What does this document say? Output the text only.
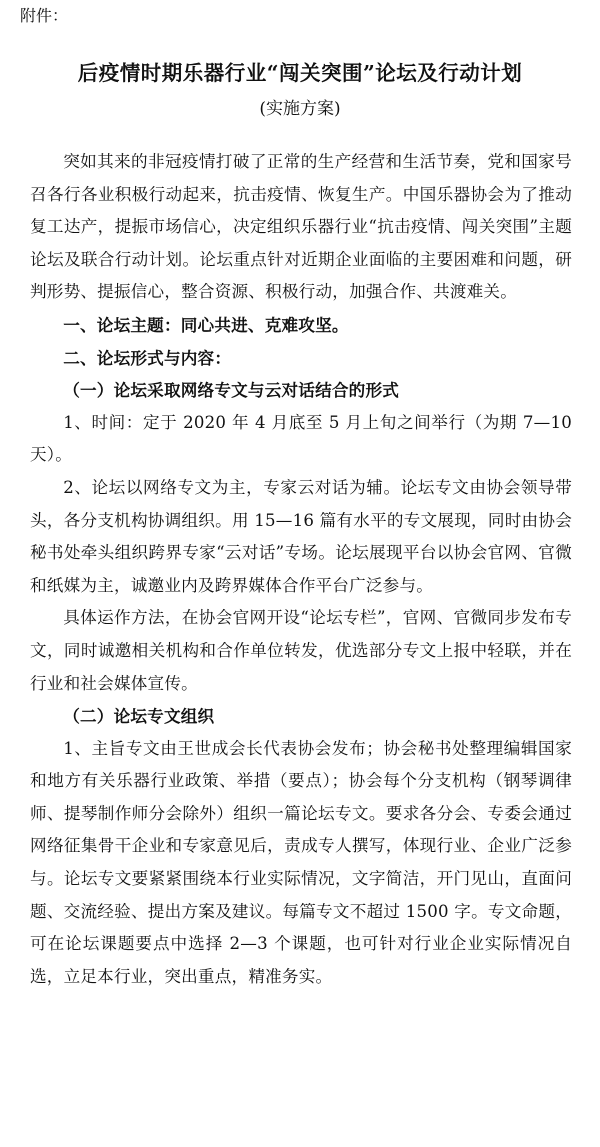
附件：
后疫情时期乐器行业“闯关突围”论坛及行动计划
(实施方案)

突如其来的非冠疫情打破了正常的生产经营和生活节奏，党和国家号召各行各业积极行动起来，抗击疫情、恢复生产。中国乐器协会为了推动复工达产，提振市场信心，决定组织乐器行业“抗击疫情、闯关突围”主题论坛及联合行动计划。论坛重点针对近期企业面临的主要困难和问题，研判形势、提振信心，整合资源、积极行动，加强合作、共渡难关。

一、论坛主题：同心共进、克难攻坚。

二、论坛形式与内容：

（一）论坛采取网络专文与云对话结合的形式

1、时间：定于 2020 年 4 月底至 5 月上旬之间举行（为期 7—10 天）。

2、论坛以网络专文为主，专家云对话为辅。论坛专文由协会领导带头，各分支机构协调组织。用 15—16 篇有水平的专文展现，同时由协会秘书处牵头组织跨界专家“云对话”专场。论坛展现平台以协会官网、官微和纸媒为主，诚邀业内及跨界媒体合作平台广泛参与。

具体运作方法，在协会官网开设“论坛专栏”，官网、官微同步发布专文，同时诚邀相关机构和合作单位转发，优选部分专文上报中轻联，并在行业和社会媒体宣传。

（二）论坛专文组织

1、主旨专文由王世成会长代表协会发布；协会秘书处整理编辑国家和地方有关乐器行业政策、举措（要点）；协会每个分支机构（钢琴调律师、提琴制作师分会除外）组织一篇论坛专文。要求各分会、专委会通过网络征集骨干企业和专家意见后，责成专人撰写，体现行业、企业广泛参与。论坛专文要紧紧围绕本行业实际情况，文字简洁，开门见山，直面问题、交流经验、提出方案及建议。每篇专文不超过 1500 字。专文命题，可在论坛课题要点中选择 2—3 个课题，也可针对行业企业实际情况自选，立足本行业，突出重点，精准务实。
